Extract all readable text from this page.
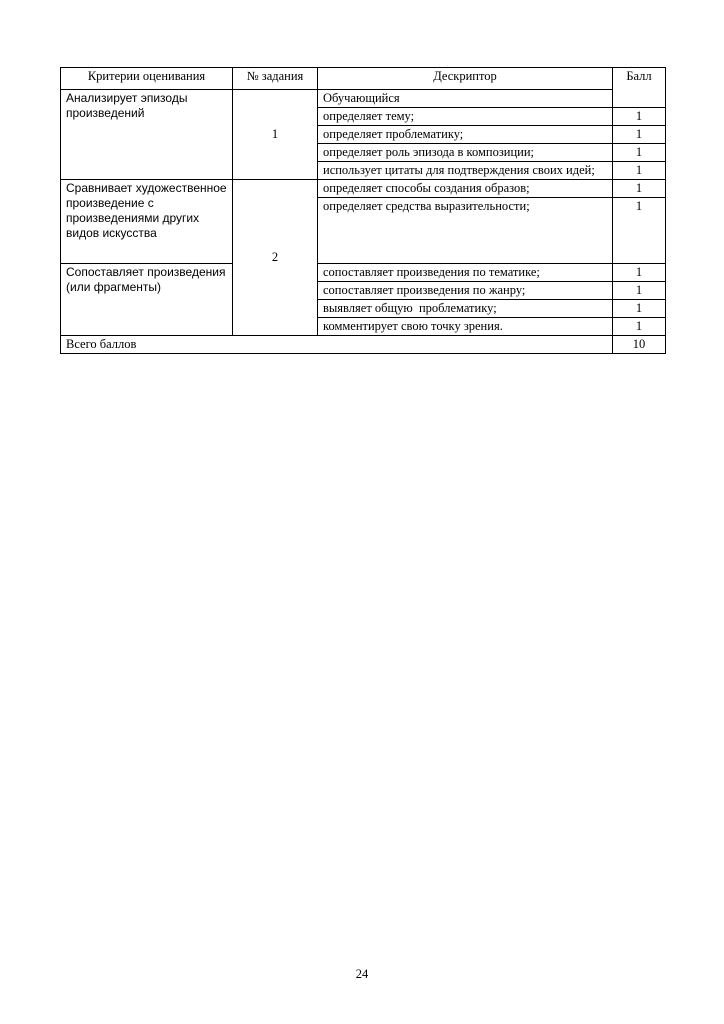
Критерии оценивания	№ задания	Дескриптор	Балл
Анализирует эпизоды произведений	1	Обучающийся	
		определяет тему;	1
		определяет проблематику;	1
		определяет роль эпизода в композиции;	1
		использует цитаты для подтверждения своих идей;	1
Сравнивает художественное произведение с произведениями других видов искусства	2	определяет способы создания образов;	1
		определяет средства выразительности;	1
Сопоставляет произведения (или фрагменты)		сопоставляет произведения по тематике;	1
		сопоставляет произведения по жанру;	1
		выявляет общую  проблематику;	1
		комментирует свою точку зрения.	1
Всего баллов			10
24
